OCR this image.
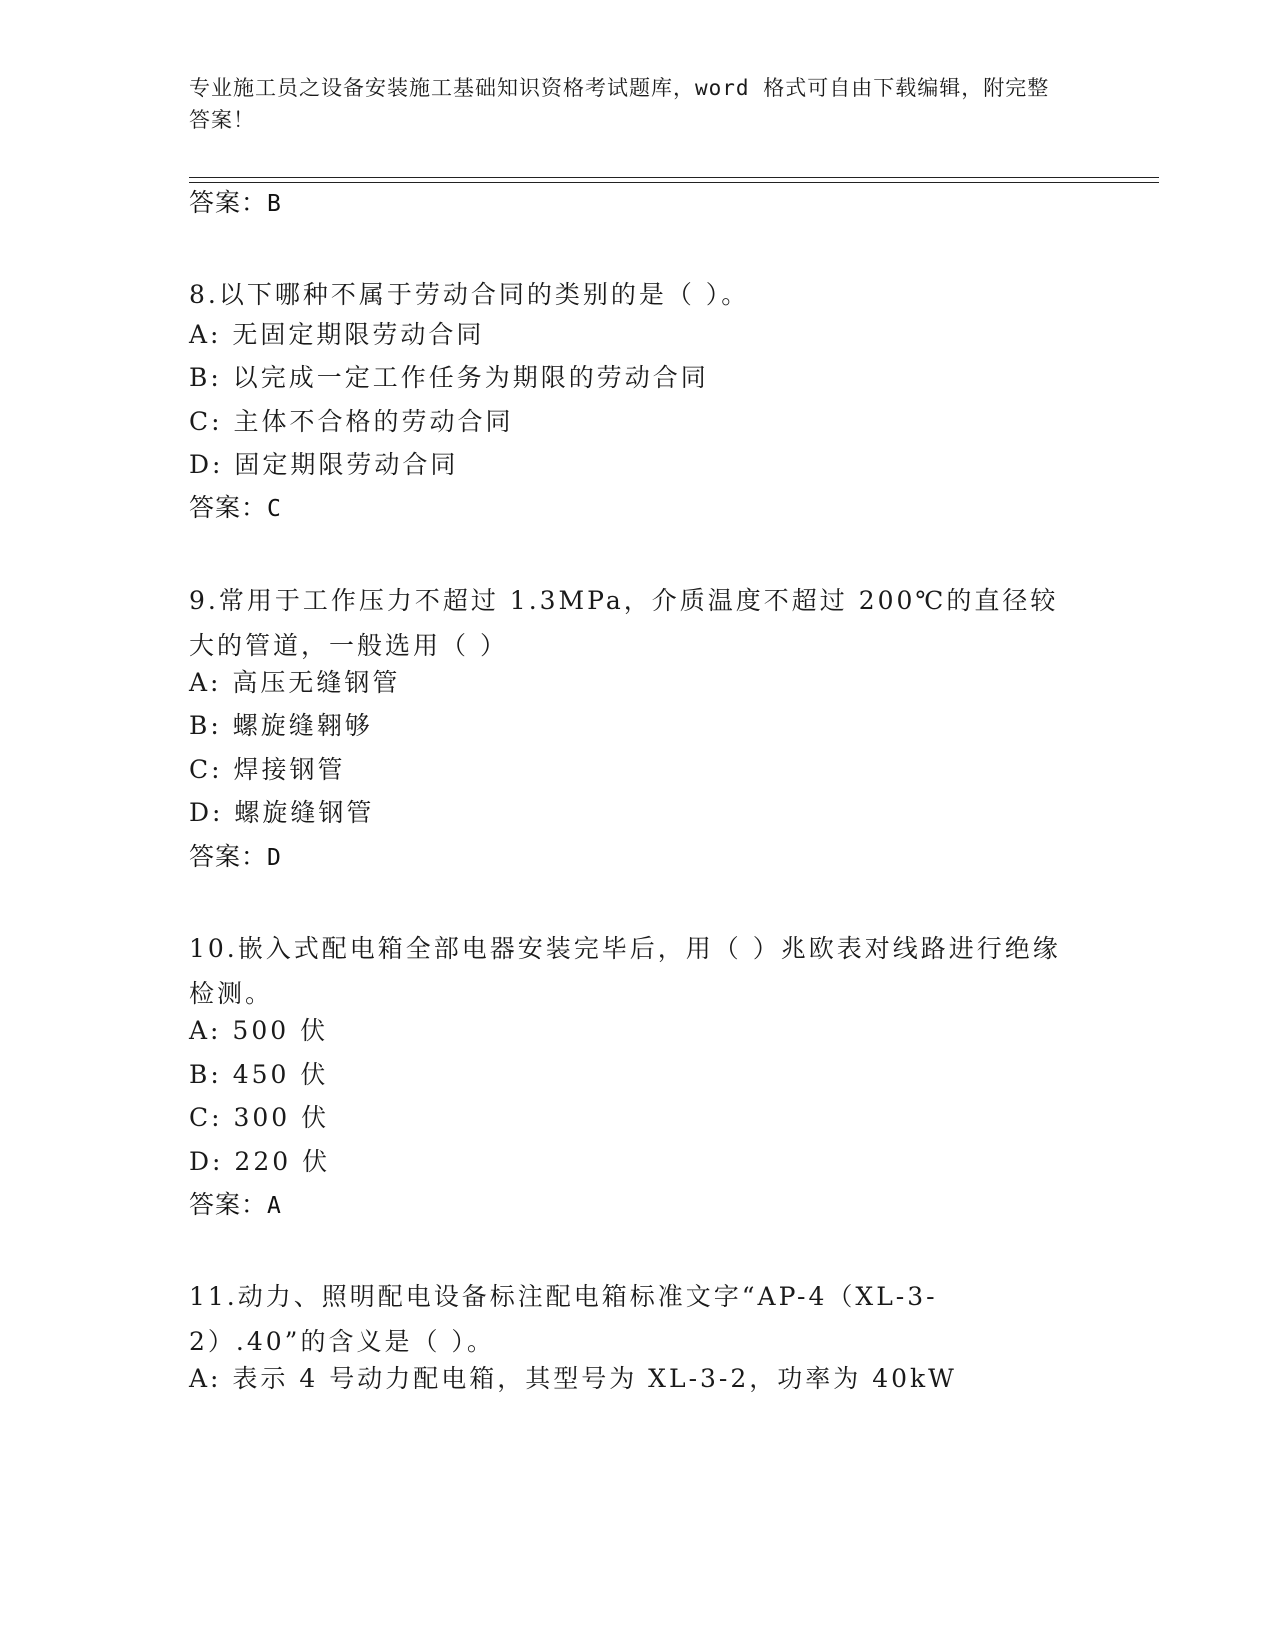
专业施工员之设备安装施工基础知识资格考试题库，word 格式可自由下载编辑，附完整答案！
答案：B
8.以下哪种不属于劳动合同的类别的是（ ）。
A: 无固定期限劳动合同
B: 以完成一定工作任务为期限的劳动合同
C: 主体不合格的劳动合同
D: 固定期限劳动合同
答案：C
9.常用于工作压力不超过 1.3MPa，介质温度不超过 200℃的直径较大的管道，一般选用（ ）
A: 高压无缝钢管
B: 螺旋缝翱够
C: 焊接钢管
D: 螺旋缝钢管
答案：D
10.嵌入式配电箱全部电器安装完毕后，用（ ）兆欧表对线路进行绝缘检测。
A: 500 伏
B: 450 伏
C: 300 伏
D: 220 伏
答案：A
11.动力、照明配电设备标注配电箱标准文字“AP-4（XL-3-2）.40”的含义是（ ）。
A: 表示 4 号动力配电箱，其型号为 XL-3-2，功率为 40kW
